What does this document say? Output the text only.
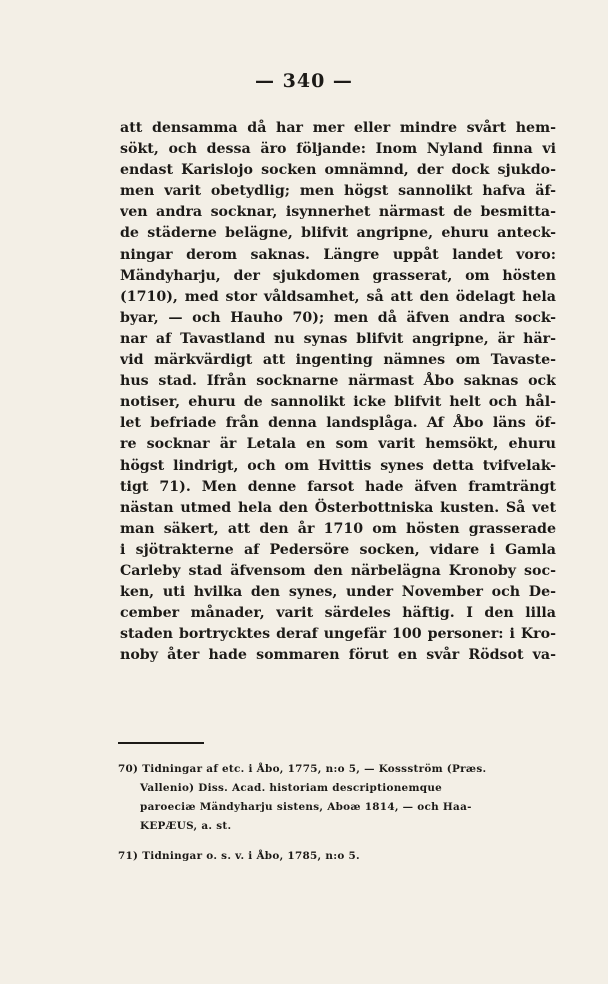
— 340 —
att densamma då har mer eller mindre svårt hem-
sökt, och dessa äro följande: Inom Nyland finna vi
endast Karislojo socken omnämnd, der dock sjukdo-
men varit obetydlig; men högst sannolikt hafva äf-
ven andra socknar, isynnerhet närmast de besmitta-
de städerne belägne, blifvit angripne, ehuru anteck-
ningar derom saknas. Längre uppåt landet voro:
Mändyharju, der sjukdomen grasserat, om hösten
(1710), med stor våldsamhet, så att den ödelagt hela
byar, — och Hauho 70); men då äfven andra sock-
nar af Tavastland nu synas blifvit angripne, är här-
vid märkvärdigt att ingenting nämnes om Tavaste-
hus stad. Ifrån socknarne närmast Åbo saknas ock
notiser, ehuru de sannolikt icke blifvit helt och hål-
let befriade från denna landsplåga. Af Åbo läns öf-
re socknar är Letala en som varit hemsökt, ehuru
högst lindrigt, och om Hvittis synes detta tvifvelak-
tigt 71). Men denne farsot hade äfven framträngt
nästan utmed hela den Österbottniska kusten. Så vet
man säkert, att den år 1710 om hösten grasserade
i sjötrakterne af Pedersöre socken, vidare i Gamla
Carleby stad äfvensom den närbelägna Kronoby soc-
ken, uti hvilka den synes, under November och De-
cember månader, varit särdeles häftig. I den lilla
staden bortrycktes deraf ungefär 100 personer: i Kro-
noby åter hade sommaren förut en svår Rödsot va-
70) Tidningar af etc. i Åbo, 1775, n:o 5, — Kossström (Præs.
Vallenio) Diss. Acad. historiam descriptionemque
paroeciæ Mändyharju sistens, Aboæ 1814, — och Haa-
KEPÆUS, a. st.
71) Tidningar o. s. v. i Åbo, 1785, n:o 5.
